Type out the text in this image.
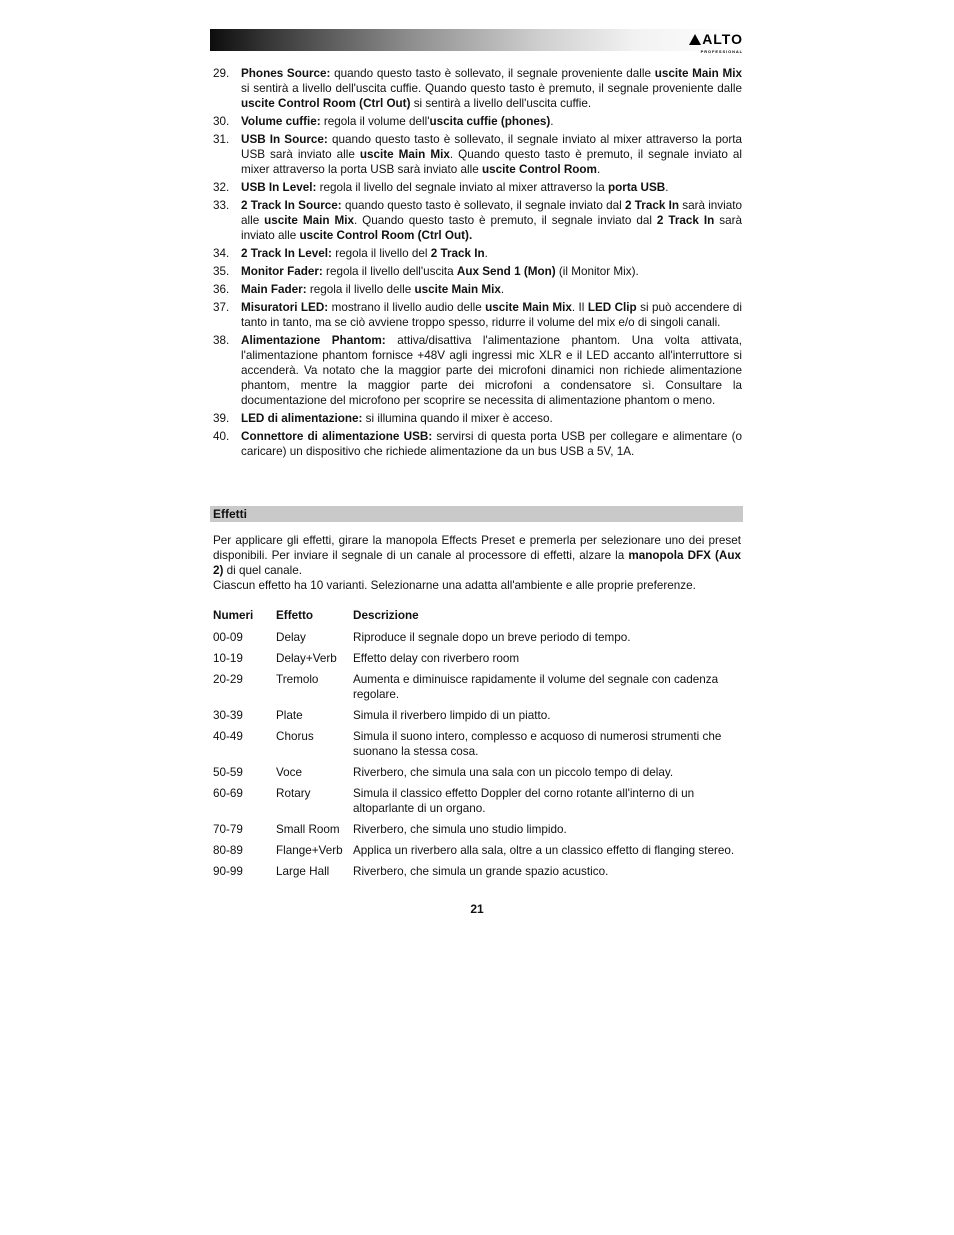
ALTO
PROFESSIONAL
29. Phones Source: quando questo tasto è sollevato, il segnale proveniente dalle uscite Main Mix si sentirà a livello dell'uscita cuffie. Quando questo tasto è premuto, il segnale proveniente dalle uscite Control Room (Ctrl Out) si sentirà a livello dell'uscita cuffie.
30. Volume cuffie: regola il volume dell'uscita cuffie (phones).
31. USB In Source: quando questo tasto è sollevato, il segnale inviato al mixer attraverso la porta USB sarà inviato alle uscite Main Mix. Quando questo tasto è premuto, il segnale inviato al mixer attraverso la porta USB sarà inviato alle uscite Control Room.
32. USB In Level: regola il livello del segnale inviato al mixer attraverso la porta USB.
33. 2 Track In Source: quando questo tasto è sollevato, il segnale inviato dal 2 Track In sarà inviato alle uscite Main Mix. Quando questo tasto è premuto, il segnale inviato dal 2 Track In sarà inviato alle uscite Control Room (Ctrl Out).
34. 2 Track In Level: regola il livello del 2 Track In.
35. Monitor Fader: regola il livello dell'uscita Aux Send 1 (Mon) (il Monitor Mix).
36. Main Fader: regola il livello delle uscite Main Mix.
37. Misuratori LED: mostrano il livello audio delle uscite Main Mix. Il LED Clip si può accendere di tanto in tanto, ma se ciò avviene troppo spesso, ridurre il volume del mix e/o di singoli canali.
38. Alimentazione Phantom: attiva/disattiva l'alimentazione phantom. Una volta attivata, l'alimentazione phantom fornisce +48V agli ingressi mic XLR e il LED accanto all'interruttore si accenderà. Va notato che la maggior parte dei microfoni dinamici non richiede alimentazione phantom, mentre la maggior parte dei microfoni a condensatore sì. Consultare la documentazione del microfono per scoprire se necessita di alimentazione phantom o meno.
39. LED di alimentazione: si illumina quando il mixer è acceso.
40. Connettore di alimentazione USB: servirsi di questa porta USB per collegare e alimentare (o caricare) un dispositivo che richiede alimentazione da un bus USB a 5V, 1A.
Effetti

Per applicare gli effetti, girare la manopola Effects Preset e premerla per selezionare uno dei preset disponibili. Per inviare il segnale di un canale al processore di effetti, alzare la manopola DFX (Aux 2) di quel canale.

Ciascun effetto ha 10 varianti. Selezionarne una adatta all'ambiente e alle proprie preferenze.

Numeri	Effetto	Descrizione
00-09	Delay	Riproduce il segnale dopo un breve periodo di tempo.
10-19	Delay+Verb	Effetto delay con riverbero room
20-29	Tremolo	Aumenta e diminuisce rapidamente il volume del segnale con cadenza regolare.
30-39	Plate	Simula il riverbero limpido di un piatto.
40-49	Chorus	Simula il suono intero, complesso e acquoso di numerosi strumenti che suonano la stessa cosa.
50-59	Voce	Riverbero, che simula una sala con un piccolo tempo di delay.
60-69	Rotary	Simula il classico effetto Doppler del corno rotante all'interno di un altoparlante di un organo.
70-79	Small Room	Riverbero, che simula uno studio limpido.
80-89	Flange+Verb	Applica un riverbero alla sala, oltre a un classico effetto di flanging stereo.
90-99	Large Hall	Riverbero, che simula un grande spazio acustico.
21
